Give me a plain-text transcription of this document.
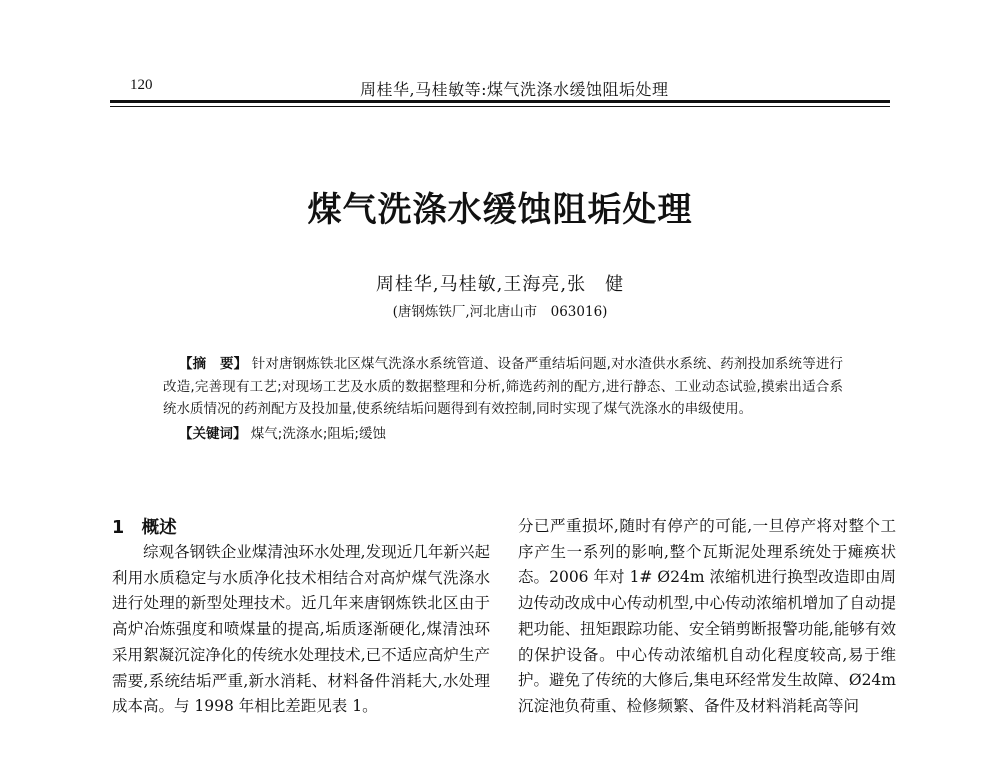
120	周桂华,马桂敏等:煤气洗涤水缓蚀阻垢处理
煤气洗涤水缓蚀阻垢处理
周桂华,马桂敏,王海亮,张　健
(唐钢炼铁厂,河北唐山市　063016)

【摘　要】 针对唐钢炼铁北区煤气洗涤水系统管道、设备严重结垢问题,对水渣供水系统、药剂投加系统等进行改造,完善现有工艺;对现场工艺及水质的数据整理和分析,筛选药剂的配方,进行静态、工业动态试验,摸索出适合系统水质情况的药剂配方及投加量,使系统结垢问题得到有效控制,同时实现了煤气洗涤水的串级使用。

【关键词】 煤气;洗涤水;阻垢;缓蚀
1　概述

综观各钢铁企业煤清浊环水处理,发现近几年新兴起利用水质稳定与水质净化技术相结合对高炉煤气洗涤水进行处理的新型处理技术。近几年来唐钢炼铁北区由于高炉冶炼强度和喷煤量的提高,垢质逐渐硬化,煤清浊环采用絮凝沉淀净化的传统水处理技术,已不适应高炉生产需要,系统结垢严重,新水消耗、材料备件消耗大,水处理成本高。与 1998 年相比差距见表 1。

分已严重损坏,随时有停产的可能,一旦停产将对整个工序产生一系列的影响,整个瓦斯泥处理系统处于瘫痪状态。2006 年对 1# Ø24m 浓缩机进行换型改造即由周边传动改成中心传动机型,中心传动浓缩机增加了自动提耙功能、扭矩跟踪功能、安全销剪断报警功能,能够有效的保护设备。中心传动浓缩机自动化程度较高,易于维护。避免了传统的大修后,集电环经常发生故障、Ø24m 沉淀池负荷重、检修频繁、备件及材料消耗高等问
